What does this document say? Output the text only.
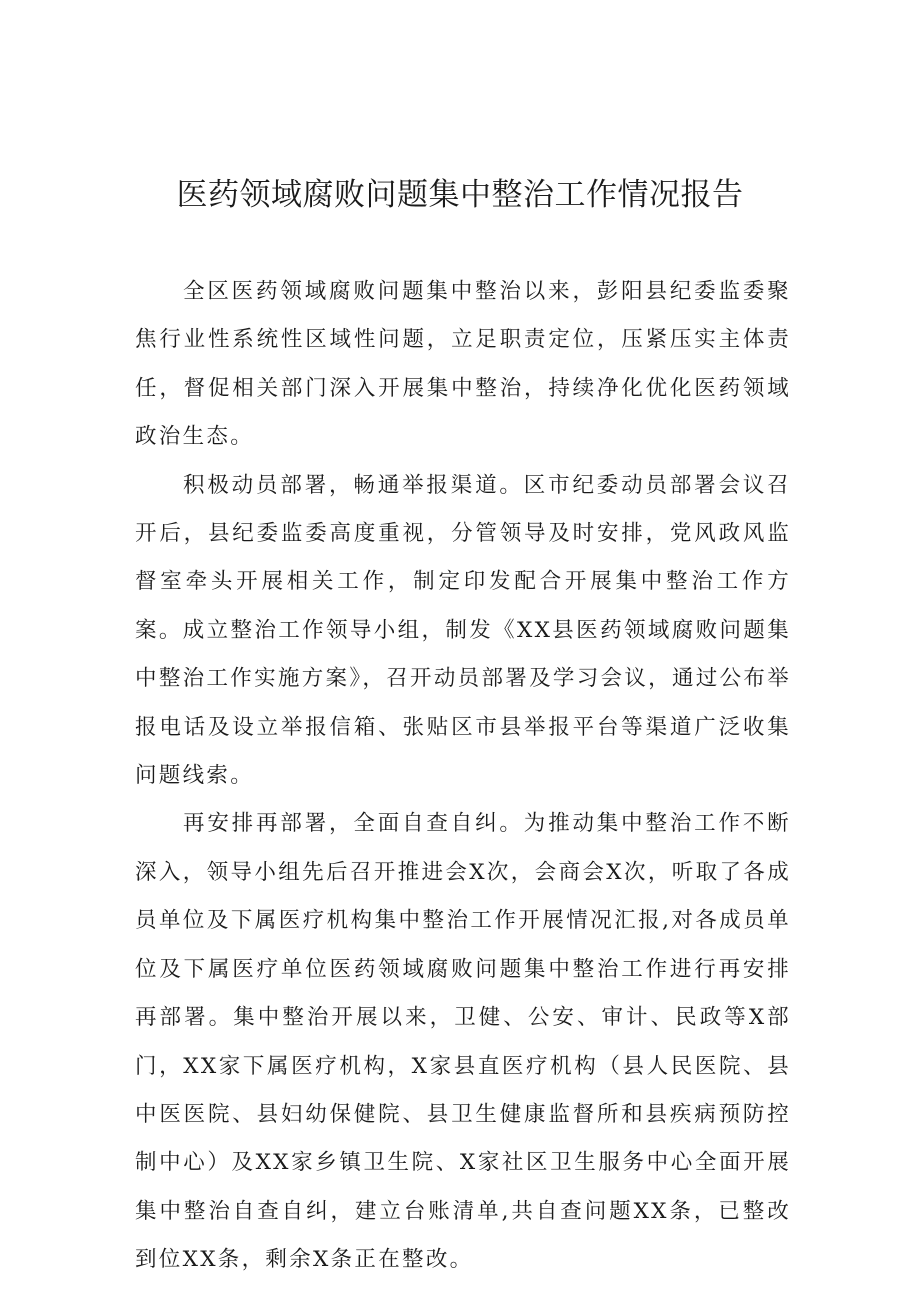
医药领域腐败问题集中整治工作情况报告

全区医药领域腐败问题集中整治以来，彭阳县纪委监委聚焦行业性系统性区域性问题，立足职责定位，压紧压实主体责任，督促相关部门深入开展集中整治，持续净化优化医药领域政治生态。

积极动员部署，畅通举报渠道。区市纪委动员部署会议召开后，县纪委监委高度重视，分管领导及时安排，党风政风监督室牵头开展相关工作，制定印发配合开展集中整治工作方案。成立整治工作领导小组，制发《XX县医药领域腐败问题集中整治工作实施方案》，召开动员部署及学习会议，通过公布举报电话及设立举报信箱、张贴区市县举报平台等渠道广泛收集问题线索。

再安排再部署，全面自查自纠。为推动集中整治工作不断深入，领导小组先后召开推进会X次，会商会X次，听取了各成员单位及下属医疗机构集中整治工作开展情况汇报,对各成员单位及下属医疗单位医药领域腐败问题集中整治工作进行再安排再部署。集中整治开展以来，卫健、公安、审计、民政等X部门，XX家下属医疗机构，X家县直医疗机构（县人民医院、县中医医院、县妇幼保健院、县卫生健康监督所和县疾病预防控制中心）及XX家乡镇卫生院、X家社区卫生服务中心全面开展集中整治自查自纠，建立台账清单,共自查问题XX条，已整改到位XX条，剩余X条正在整改。
